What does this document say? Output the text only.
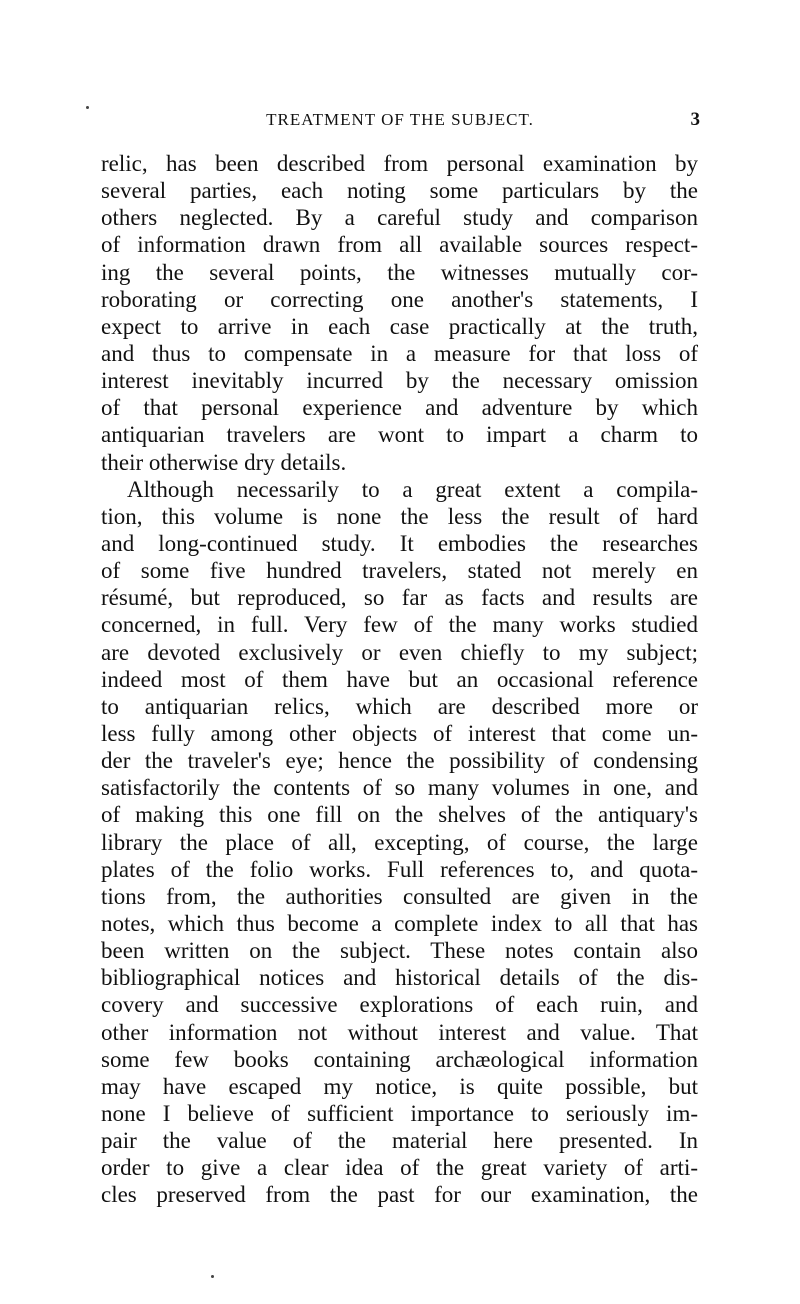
TREATMENT OF THE SUBJECT.	3
relic, has been described from personal examination by
several parties, each noting some particulars by the
others neglected. By a careful study and comparison
of information drawn from all available sources respect-
ing the several points, the witnesses mutually cor-
roborating or correcting one another's statements, I
expect to arrive in each case practically at the truth,
and thus to compensate in a measure for that loss of
interest inevitably incurred by the necessary omission
of that personal experience and adventure by which
antiquarian travelers are wont to impart a charm to
their otherwise dry details.
Although necessarily to a great extent a compila-
tion, this volume is none the less the result of hard
and long-continued study. It embodies the researches
of some five hundred travelers, stated not merely en
résumé, but reproduced, so far as facts and results are
concerned, in full. Very few of the many works studied
are devoted exclusively or even chiefly to my subject;
indeed most of them have but an occasional reference
to antiquarian relics, which are described more or
less fully among other objects of interest that come un-
der the traveler's eye; hence the possibility of condensing
satisfactorily the contents of so many volumes in one, and
of making this one fill on the shelves of the antiquary's
library the place of all, excepting, of course, the large
plates of the folio works. Full references to, and quota-
tions from, the authorities consulted are given in the
notes, which thus become a complete index to all that has
been written on the subject. These notes contain also
bibliographical notices and historical details of the dis-
covery and successive explorations of each ruin, and
other information not without interest and value. That
some few books containing archæological information
may have escaped my notice, is quite possible, but
none I believe of sufficient importance to seriously im-
pair the value of the material here presented. In
order to give a clear idea of the great variety of arti-
cles preserved from the past for our examination, the
